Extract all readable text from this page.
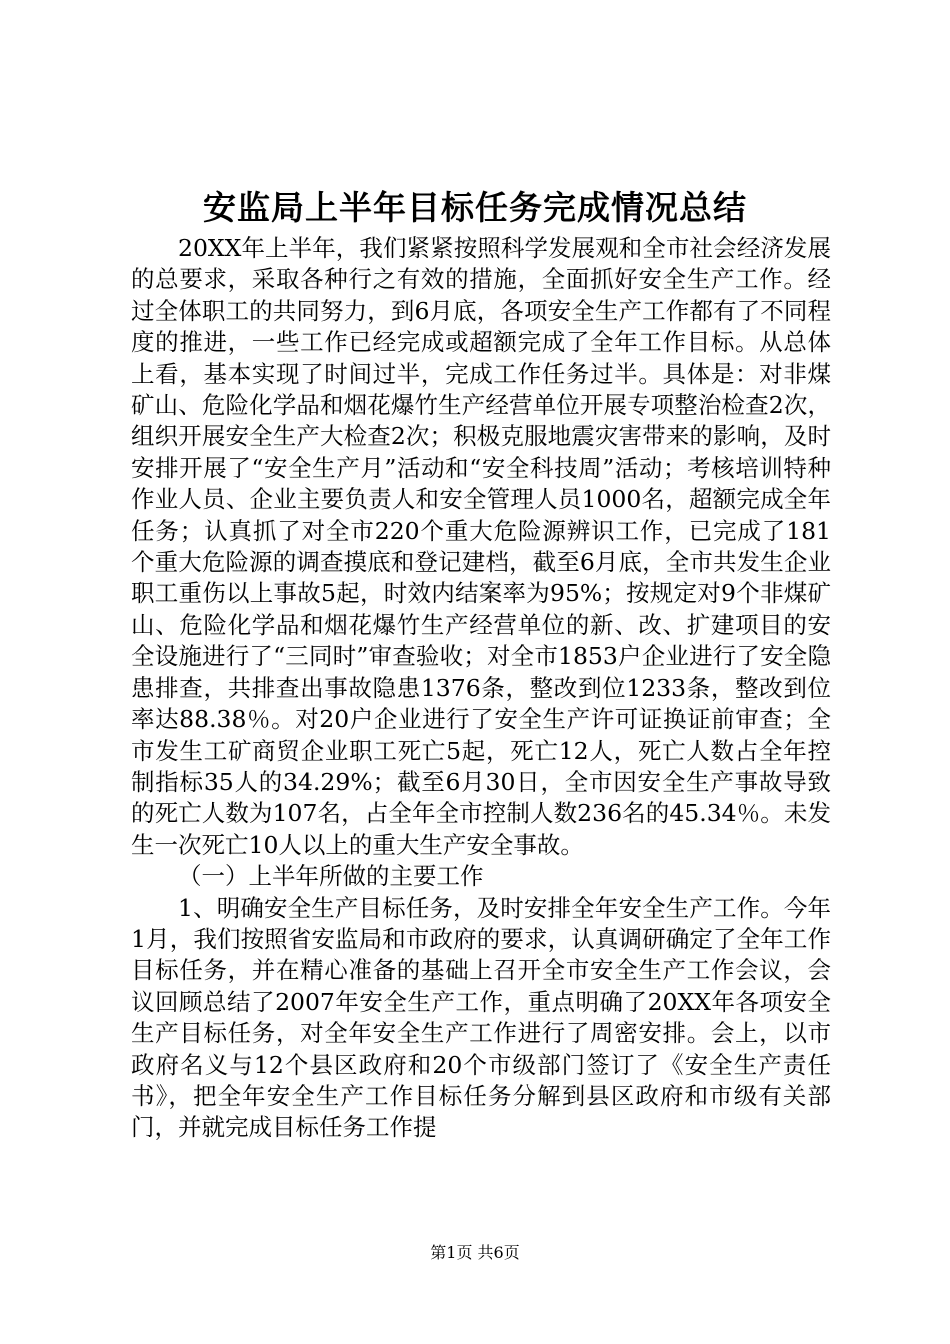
安监局上半年目标任务完成情况总结

20XX年上半年，我们紧紧按照科学发展观和全市社会经济发展的总要求，采取各种行之有效的措施，全面抓好安全生产工作。经过全体职工的共同努力，到6月底，各项安全生产工作都有了不同程度的推进，一些工作已经完成或超额完成了全年工作目标。从总体上看，基本实现了时间过半，完成工作任务过半。具体是：对非煤矿山、危险化学品和烟花爆竹生产经营单位开展专项整治检查2次，组织开展安全生产大检查2次；积极克服地震灾害带来的影响，及时安排开展了“安全生产月”活动和“安全科技周”活动；考核培训特种作业人员、企业主要负责人和安全管理人员1000名，超额完成全年任务；认真抓了对全市220个重大危险源辨识工作，已完成了181个重大危险源的调查摸底和登记建档，截至6月底，全市共发生企业职工重伤以上事故5起，时效内结案率为95%；按规定对9个非煤矿山、危险化学品和烟花爆竹生产经营单位的新、改、扩建项目的安全设施进行了“三同时”审查验收；对全市1853户企业进行了安全隐患排查，共排查出事故隐患1376条，整改到位1233条，整改到位率达88.38％。对20户企业进行了安全生产许可证换证前审查；全市发生工矿商贸企业职工死亡5起，死亡12人，死亡人数占全年控制指标35人的34.29%；截至6月30日，全市因安全生产事故导致的死亡人数为107名，占全年全市控制人数236名的45.34％。未发生一次死亡10人以上的重大生产安全事故。

（一）上半年所做的主要工作

1、明确安全生产目标任务，及时安排全年安全生产工作。今年1月，我们按照省安监局和市政府的要求，认真调研确定了全年工作目标任务，并在精心准备的基础上召开全市安全生产工作会议，会议回顾总结了2007年安全生产工作，重点明确了20XX年各项安全生产目标任务，对全年安全生产工作进行了周密安排。会上，以市政府名义与12个县区政府和20个市级部门签订了《安全生产责任书》，把全年安全生产工作目标任务分解到县区政府和市级有关部门，并就完成目标任务工作提

第1页 共6页
